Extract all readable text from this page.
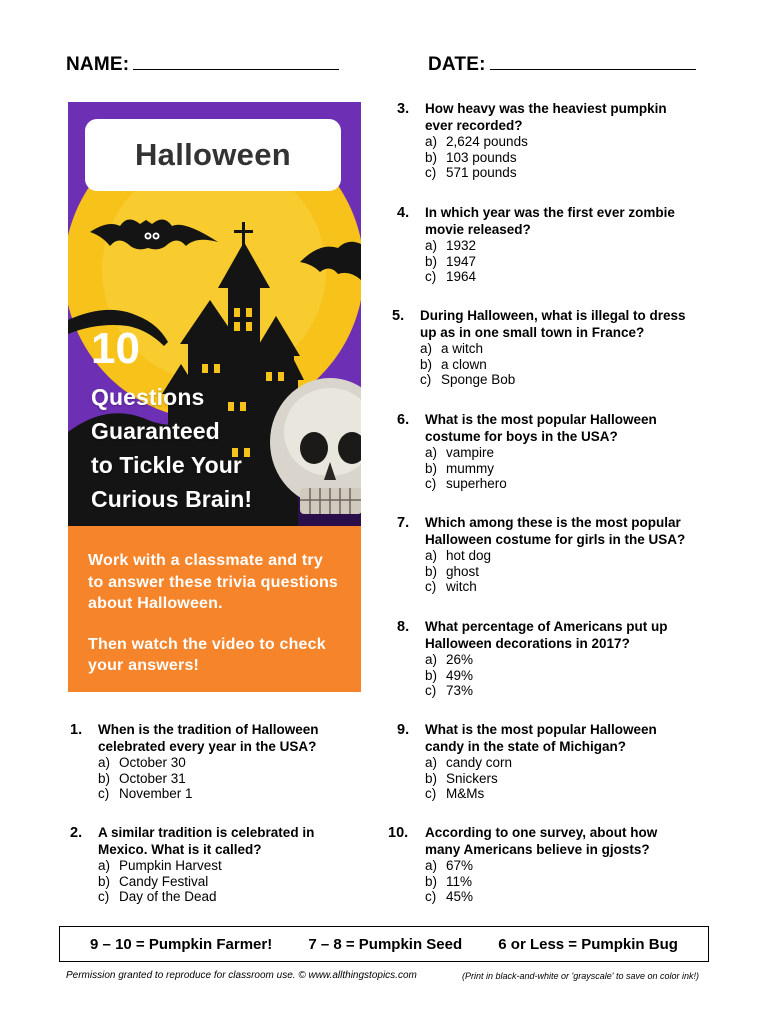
NAME:	DATE:
Halloween
10
Questions
Guaranteed
to Tickle Your
Curious Brain!

Work with a classmate and try to answer these trivia questions about Halloween.

Then watch the video to check your answers!

1. When is the tradition of Halloween celebrated every year in the USA?
a) October 30
b) October 31
c) November 1
2. A similar tradition is celebrated in Mexico. What is it called?
a) Pumpkin Harvest
b) Candy Festival
c) Day of the Dead
3. How heavy was the heaviest pumpkin ever recorded?
a) 2,624 pounds
b) 103 pounds
c) 571 pounds
4. In which year was the first ever zombie movie released?
a) 1932
b) 1947
c) 1964
5. During Halloween, what is illegal to dress up as in one small town in France?
a) a witch
b) a clown
c) Sponge Bob
6. What is the most popular Halloween costume for boys in the USA?
a) vampire
b) mummy
c) superhero
7. Which among these is the most popular Halloween costume for girls in the USA?
a) hot dog
b) ghost
c) witch
8. What percentage of Americans put up Halloween decorations in 2017?
a) 26%
b) 49%
c) 73%
9. What is the most popular Halloween candy in the state of Michigan?
a) candy corn
b) Snickers
c) M&Ms
10. According to one survey, about how many Americans believe in gjosts?
a) 67%
b) 11%
c) 45%
9 – 10 = Pumpkin Farmer! 7 – 8 = Pumpkin Seed 6 or Less = Pumpkin Bug
Permission granted to reproduce for classroom use. © www.allthingstopics.com	(Print in black-and-white or 'grayscale' to save on color ink!)
